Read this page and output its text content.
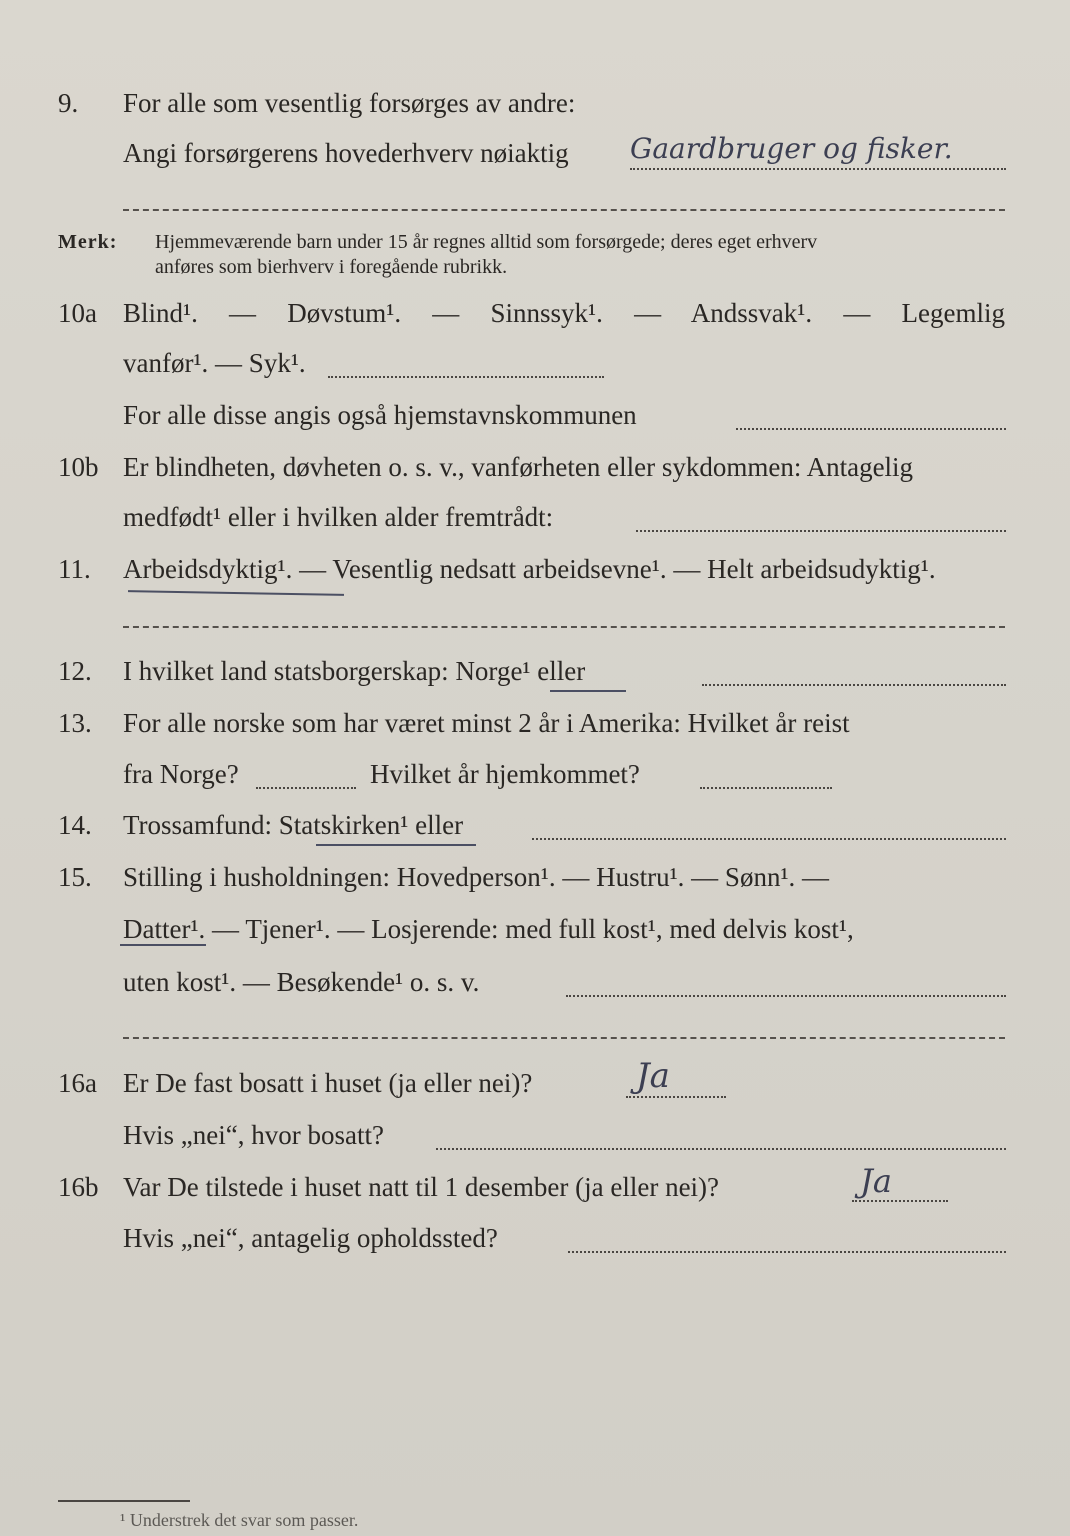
9. For alle som vesentlig forsørges av andre:
Angi forsørgerens hovederhverv nøiaktig Gaardbruger og fisker.
Merk: Hjemmeværende barn under 15 år regnes alltid som forsørgede; deres eget erhverv
anføres som bierhverv i foregående rubrikk.
10a Blind¹. — Døvstum¹. — Sinnssyk¹. — Andssvak¹. — Legemlig
vanfør¹. — Syk¹.
For alle disse angis også hjemstavnskommunen
10b Er blindheten, døvheten o. s. v., vanførheten eller sykdommen: Antagelig
medfødt¹ eller i hvilken alder fremtrådt:
11. Arbeidsdyktig¹. — Vesentlig nedsatt arbeidsevne¹. — Helt arbeidsudyktig¹.
12. I hvilket land statsborgerskap: Norge¹ eller
13. For alle norske som har været minst 2 år i Amerika: Hvilket år reist
fra Norge?	Hvilket år hjemkommet?
14. Trossamfund: Statskirken¹ eller
15. Stilling i husholdningen: Hovedperson¹. — Hustru¹. — Sønn¹. —
Datter¹. — Tjener¹. — Losjerende: med full kost¹, med delvis kost¹,
uten kost¹. — Besøkende¹ o. s. v.
16a Er De fast bosatt i huset (ja eller nei)?	Ja
Hvis „nei“, hvor bosatt?
16b Var De tilstede i huset natt til 1 desember (ja eller nei)?	Ja
Hvis „nei“, antagelig opholdssted?
¹ Understrek det svar som passer.
